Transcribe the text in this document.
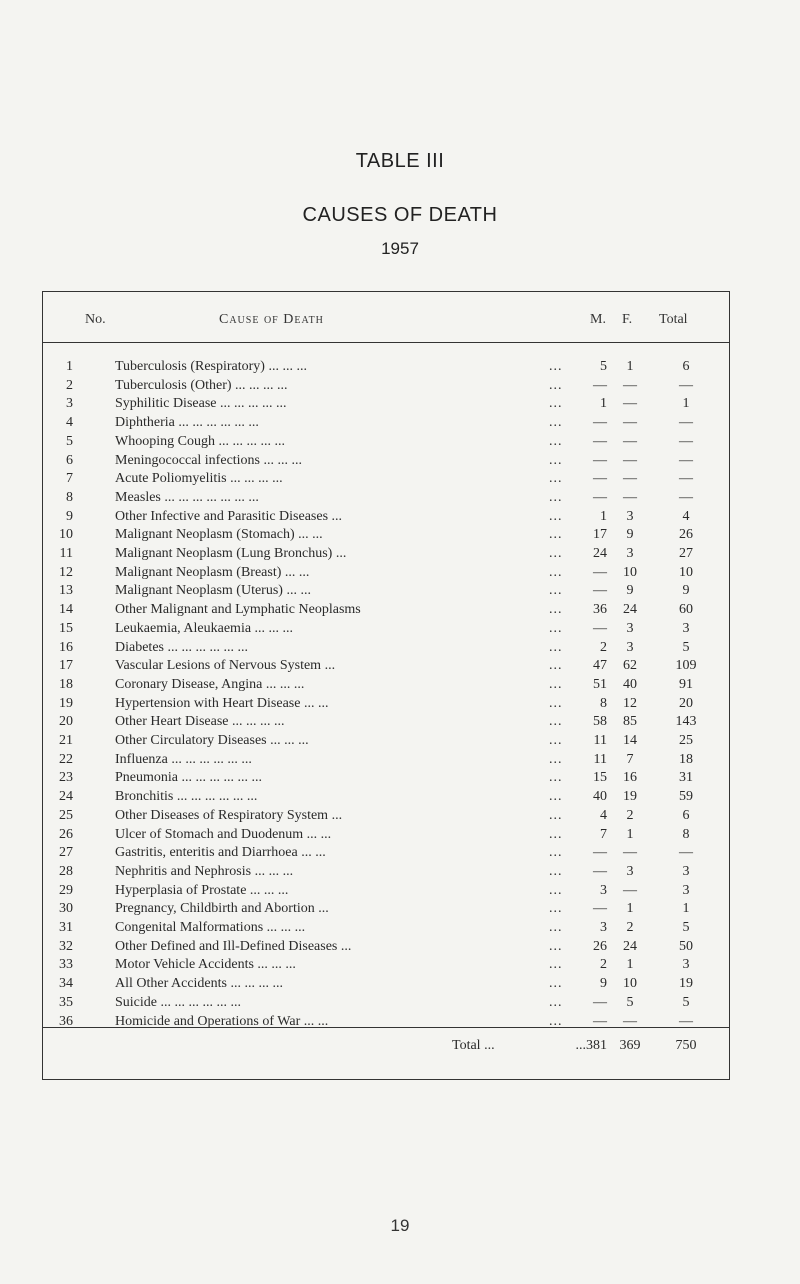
TABLE III
CAUSES OF DEATH
1957
No.	Cause of Death	M. F. Total
1	Tuberculosis (Respiratory) ... ... ...	...	5	1	6
2	Tuberculosis (Other) ... ... ... ...	...	—	—	—
3	Syphilitic Disease ... ... ... ... ...	...	1	—	1
4	Diphtheria ... ... ... ... ... ...	...	—	—	—
5	Whooping Cough ... ... ... ... ...	...	—	—	—
6	Meningococcal infections ... ... ...	...	—	—	—
7	Acute Poliomyelitis ... ... ... ...	...	—	—	—
8	Measles ... ... ... ... ... ... ...	...	—	—	—
9	Other Infective and Parasitic Diseases ...	...	1	3	4
10	Malignant Neoplasm (Stomach) ... ...	...	17	9	26
11	Malignant Neoplasm (Lung Bronchus) ...	...	24	3	27
12	Malignant Neoplasm (Breast) ... ...	...	—	10	10
13	Malignant Neoplasm (Uterus) ... ...	...	—	9	9
14	Other Malignant and Lymphatic Neoplasms	...	36	24	60
15	Leukaemia, Aleukaemia ... ... ...	...	—	3	3
16	Diabetes ... ... ... ... ... ...	...	2	3	5
17	Vascular Lesions of Nervous System ...	...	47	62	109
18	Coronary Disease, Angina ... ... ...	...	51	40	91
19	Hypertension with Heart Disease ... ...	...	8	12	20
20	Other Heart Disease ... ... ... ...	...	58	85	143
21	Other Circulatory Diseases ... ... ...	...	11	14	25
22	Influenza ... ... ... ... ... ...	...	11	7	18
23	Pneumonia ... ... ... ... ... ...	...	15	16	31
24	Bronchitis ... ... ... ... ... ...	...	40	19	59
25	Other Diseases of Respiratory System ...	...	4	2	6
26	Ulcer of Stomach and Duodenum ... ...	...	7	1	8
27	Gastritis, enteritis and Diarrhoea ... ...	...	—	—	—
28	Nephritis and Nephrosis ... ... ...	...	—	3	3
29	Hyperplasia of Prostate ... ... ...	...	3	—	3
30	Pregnancy, Childbirth and Abortion ...	...	—	1	1
31	Congenital Malformations ... ... ...	...	3	2	5
32	Other Defined and Ill-Defined Diseases ...	...	26	24	50
33	Motor Vehicle Accidents ... ... ...	...	2	1	3
34	All Other Accidents ... ... ... ...	...	9	10	19
35	Suicide ... ... ... ... ... ...	...	—	5	5
36	Homicide and Operations of War ... ...	...	—	—	—
Total ...	...381 369	750
19
